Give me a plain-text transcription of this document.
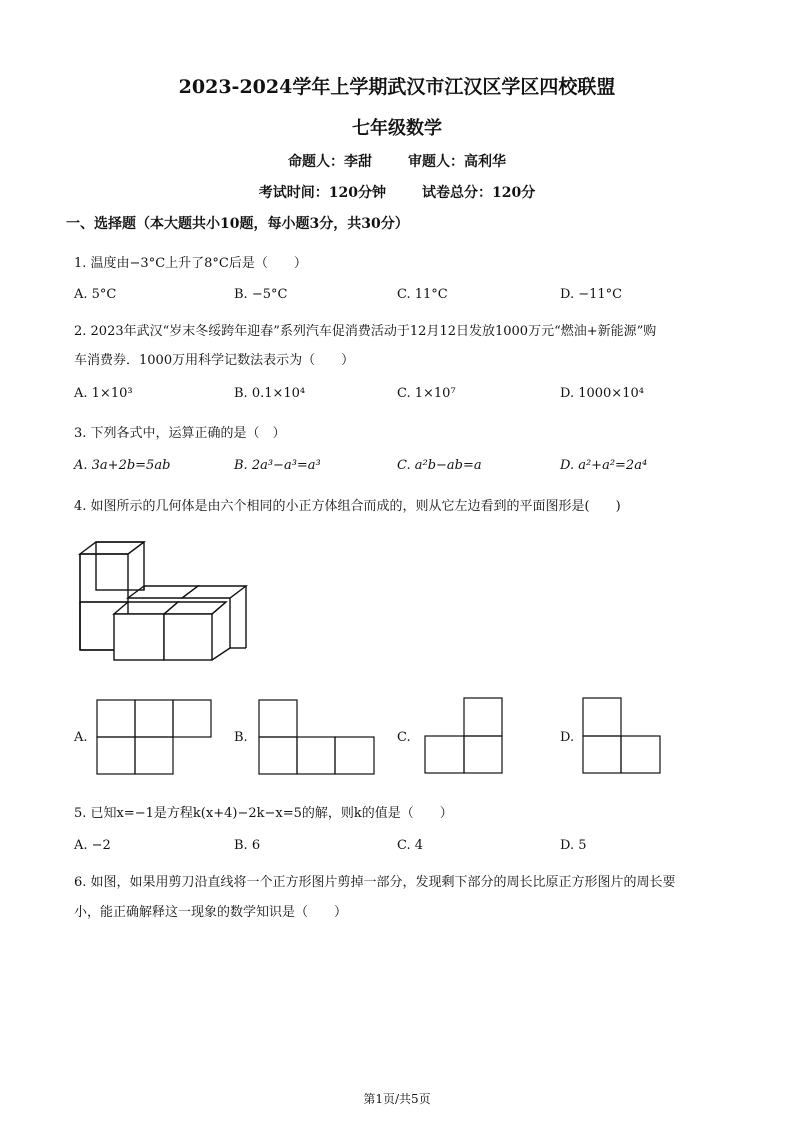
2023-2024学年上学期武汉市江汉区学区四校联盟
七年级数学
命题人：李甜	审题人：高利华
考试时间：120分钟	试卷总分：120分
一、选择题（本大题共小10题，每小题3分，共30分）
1. 温度由−3°C上升了8°C后是（　　）
A. 5°C	B. −5°C	C. 11°C	D. −11°C
2. 2023年武汉“岁末冬绥跨年迎春”系列汽车促消费活动于12月12日发放1000万元“燃油+新能源”购
车消费券．1000万用科学记数法表示为（　　）
A. 1×10³	B. 0.1×10⁴	C. 1×10⁷	D. 1000×10⁴
3. 下列各式中，运算正确的是（　）
A. 3a+2b=5ab	B. 2a³−a³=a³	C. a²b−ab=a	D. a²+a²=2a⁴
4. 如图所示的几何体是由六个相同的小正方体组合而成的，则从它左边看到的平面图形是(　　)
A.	B.	C.	D.
5. 已知x=−1是方程k(x+4)−2k−x=5的解，则k的值是（　　）
A. −2	B. 6	C. 4	D. 5
6. 如图，如果用剪刀沿直线将一个正方形图片剪掉一部分，发现剩下部分的周长比原正方形图片的周长要
小，能正确解释这一现象的数学知识是（　　）
第1页/共5页
